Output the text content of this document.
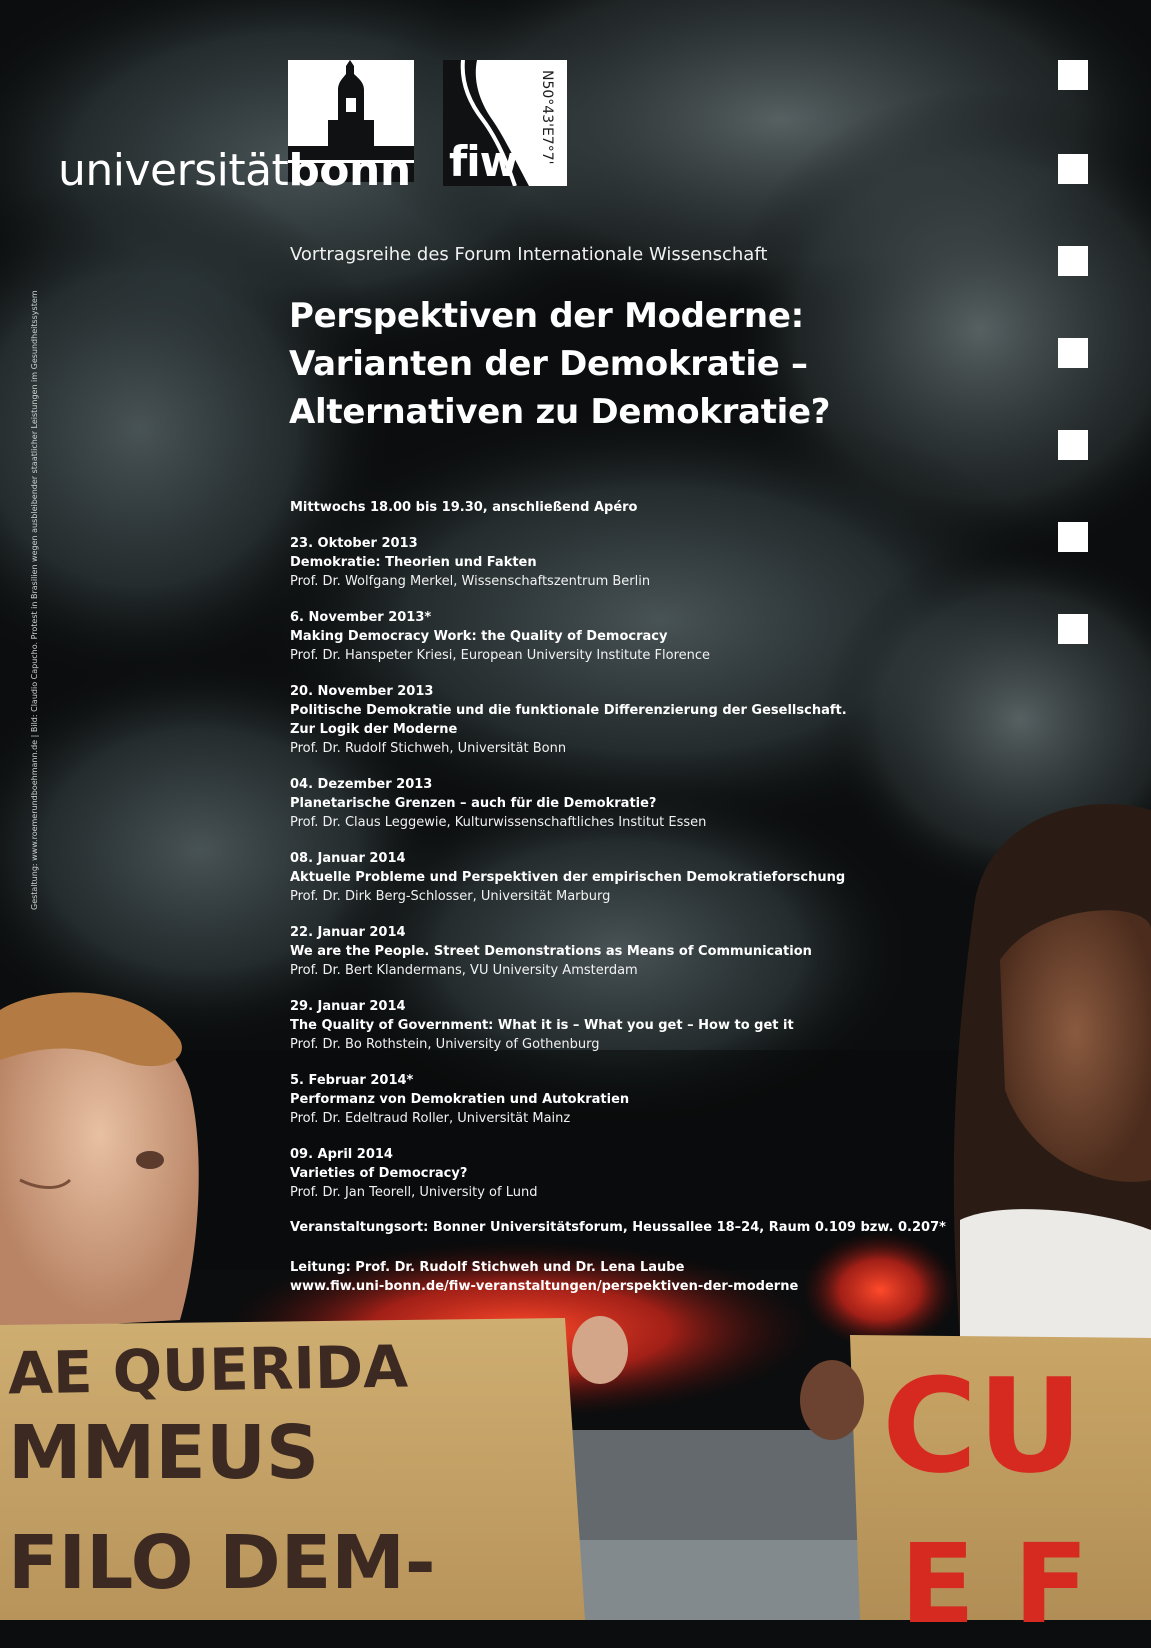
AE QUERIDA
MMEUS
FILO DEM-
CU
E F
universitätbonn fiw N50°43'E7°7'
Gestaltung: www.roemerundboehmann.de | Bild: Claudio Capucho. Protest in Brasilien wegen ausbleibender staatlicher Leistungen im Gesundheitssystem
Vortragsreihe des Forum Internationale Wissenschaft
Perspektiven der Moderne:
Varianten der Demokratie –
Alternativen zu Demokratie?
Mittwochs 18.00 bis 19.30, anschließend Apéro
23. Oktober 2013
Demokratie: Theorien und Fakten
Prof. Dr. Wolfgang Merkel, Wissenschaftszentrum Berlin
6. November 2013*
Making Democracy Work: the Quality of Democracy
Prof. Dr. Hanspeter Kriesi, European University Institute Florence
20. November 2013
Politische Demokratie und die funktionale Differenzierung der Gesellschaft.
Zur Logik der Moderne
Prof. Dr. Rudolf Stichweh, Universität Bonn
04. Dezember 2013
Planetarische Grenzen – auch für die Demokratie?
Prof. Dr. Claus Leggewie, Kulturwissenschaftliches Institut Essen
08. Januar 2014
Aktuelle Probleme und Perspektiven der empirischen Demokratieforschung
Prof. Dr. Dirk Berg-Schlosser, Universität Marburg
22. Januar 2014
We are the People. Street Demonstrations as Means of Communication
Prof. Dr. Bert Klandermans, VU University Amsterdam
29. Januar 2014
The Quality of Government: What it is – What you get – How to get it
Prof. Dr. Bo Rothstein, University of Gothenburg
5. Februar 2014*
Performanz von Demokratien und Autokratien
Prof. Dr. Edeltraud Roller, Universität Mainz
09. April 2014
Varieties of Democracy?
Prof. Dr. Jan Teorell, University of Lund
Veranstaltungsort: Bonner Universitätsforum, Heussallee 18–24, Raum 0.109 bzw. 0.207*
Leitung: Prof. Dr. Rudolf Stichweh und Dr. Lena Laube
www.fiw.uni-bonn.de/fiw-veranstaltungen/perspektiven-der-moderne
